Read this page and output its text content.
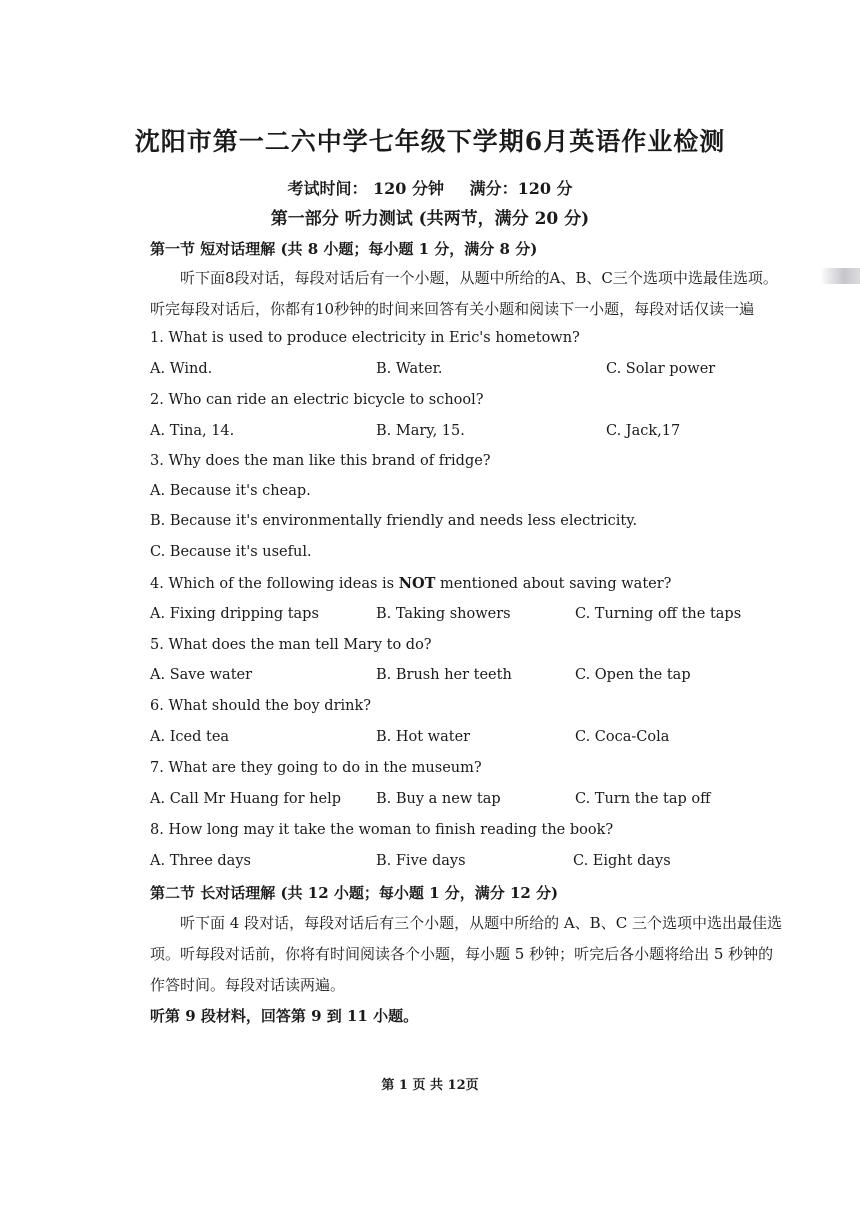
沈阳市第一二六中学七年级下学期6月英语作业检测
考试时间： 120 分钟 满分：120 分
第一部分 听力测试 (共两节，满分 20 分)
第一节 短对话理解 (共 8 小题；每小题 1 分，满分 8 分)
听下面8段对话，每段对话后有一个小题，从题中所给的A、B、C三个选项中选最佳选项。
听完每段对话后，你都有10秒钟的时间来回答有关小题和阅读下一小题，每段对话仅读一遍
1. What is used to produce electricity in Eric's hometown?
A. Wind.	B. Water.	C. Solar power
2. Who can ride an electric bicycle to school?
A. Tina, 14.	B. Mary, 15.	C. Jack,17
3. Why does the man like this brand of fridge?
A. Because it's cheap.
B. Because it's environmentally friendly and needs less electricity.
C. Because it's useful.
4. Which of the following ideas is NOT mentioned about saving water?
A. Fixing dripping taps	B. Taking showers	C. Turning off the taps
5. What does the man tell Mary to do?
A. Save water	B. Brush her teeth	C. Open the tap
6. What should the boy drink?
A. Iced tea	B. Hot water	C. Coca-Cola
7. What are they going to do in the museum?
A. Call Mr Huang for help B. Buy a new tap	C. Turn the tap off
8. How long may it take the woman to finish reading the book?
A. Three days	B. Five days	C. Eight days
第二节 长对话理解 (共 12 小题；每小题 1 分，满分 12 分)
听下面 4 段对话，每段对话后有三个小题，从题中所给的 A、B、C 三个选项中选出最佳选
项。听每段对话前，你将有时间阅读各个小题，每小题 5 秒钟；听完后各小题将给出 5 秒钟的
作答时间。每段对话读两遍。
听第 9 段材料，回答第 9 到 11 小题。
第 1 页 共 12页
